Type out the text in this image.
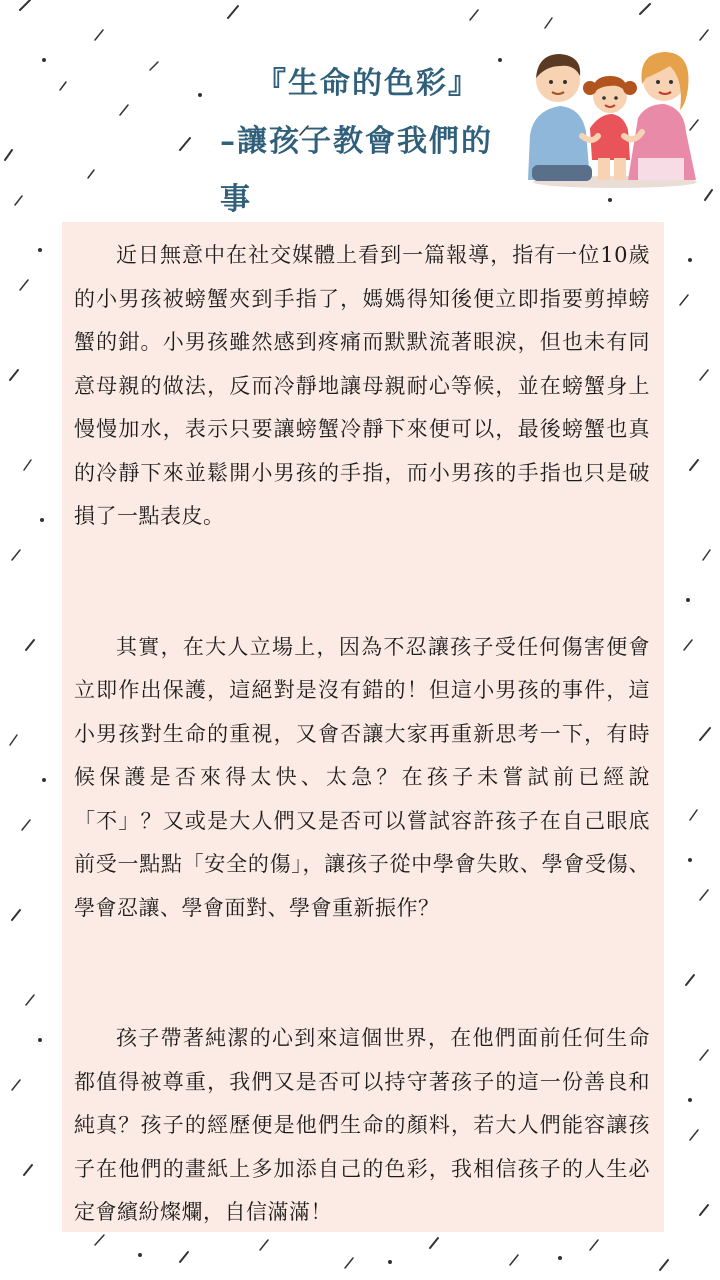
『生命的色彩』
–讓孩子教會我們的事

近日無意中在社交媒體上看到一篇報導，指有一位10歲的小男孩被螃蟹夾到手指了，媽媽得知後便立即指要剪掉螃蟹的鉗。小男孩雖然感到疼痛而默默流著眼淚，但也未有同意母親的做法，反而冷靜地讓母親耐心等候，並在螃蟹身上慢慢加水，表示只要讓螃蟹冷靜下來便可以，最後螃蟹也真的冷靜下來並鬆開小男孩的手指，而小男孩的手指也只是破損了一點表皮。

其實，在大人立場上，因為不忍讓孩子受任何傷害便會立即作出保護，這絕對是沒有錯的！但這小男孩的事件，這小男孩對生命的重視，又會否讓大家再重新思考一下，有時候保護是否來得太快、太急？在孩子未嘗試前已經說「不」？又或是大人們又是否可以嘗試容許孩子在自己眼底前受一點點「安全的傷」，讓孩子從中學會失敗、學會受傷、學會忍讓、學會面對、學會重新振作？

孩子帶著純潔的心到來這個世界，在他們面前任何生命都值得被尊重，我們又是否可以持守著孩子的這一份善良和純真？孩子的經歷便是他們生命的顏料，若大人們能容讓孩子在他們的畫紙上多加添自己的色彩，我相信孩子的人生必定會繽紛燦爛，自信滿滿！
